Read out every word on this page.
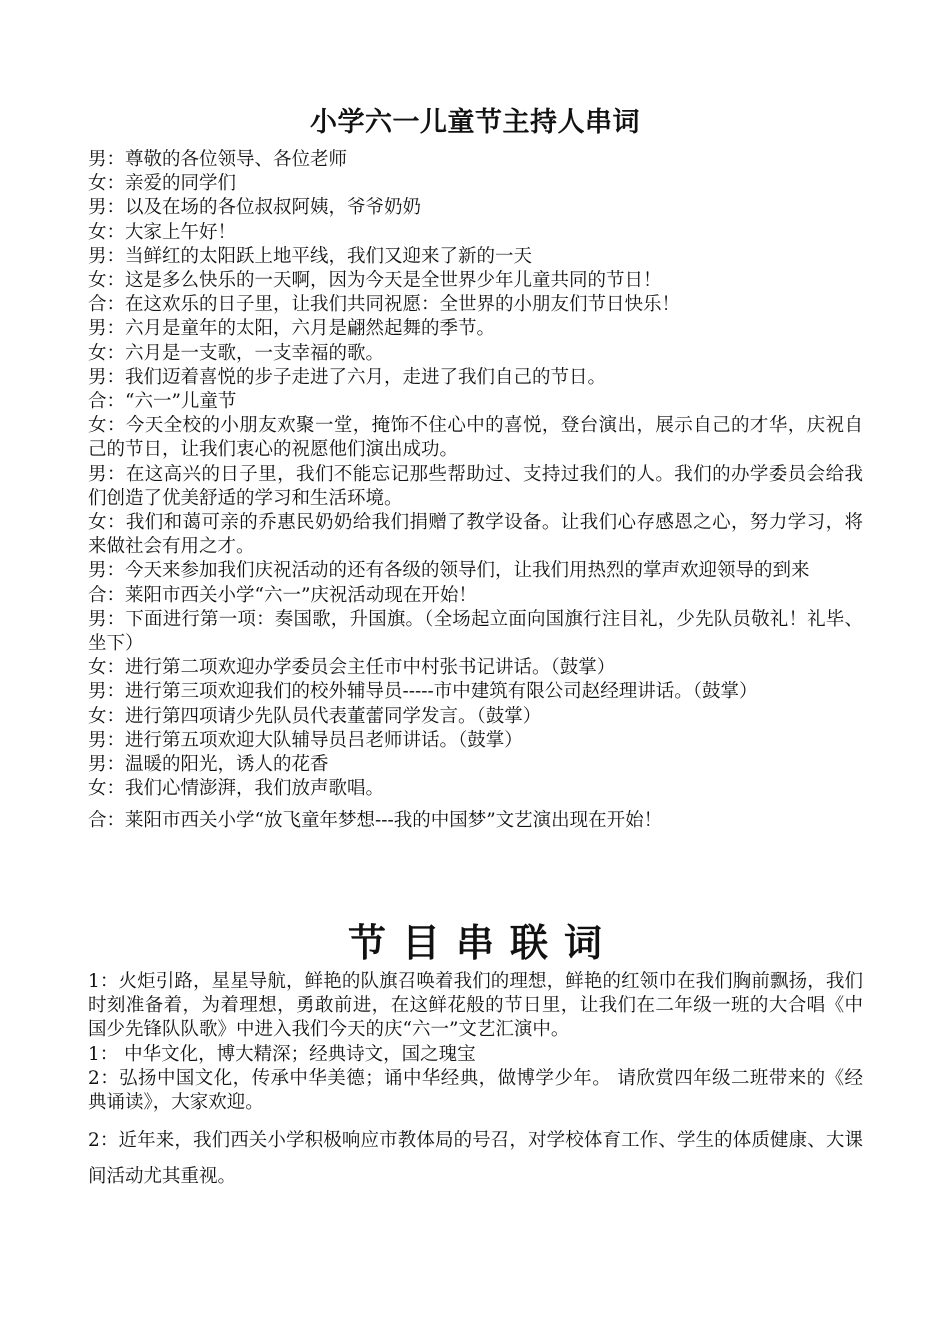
小学六一儿童节主持人串词
男：尊敬的各位领导、各位老师
女：亲爱的同学们
男：以及在场的各位叔叔阿姨，爷爷奶奶
女：大家上午好！
男：当鲜红的太阳跃上地平线，我们又迎来了新的一天
女：这是多么快乐的一天啊，因为今天是全世界少年儿童共同的节日！
合：在这欢乐的日子里，让我们共同祝愿：全世界的小朋友们节日快乐！
男：六月是童年的太阳，六月是翩然起舞的季节。
女：六月是一支歌，一支幸福的歌。
男：我们迈着喜悦的步子走进了六月，走进了我们自己的节日。
合：“六一”儿童节
女：今天全校的小朋友欢聚一堂，掩饰不住心中的喜悦，登台演出，展示自己的才华，庆祝自己的节日，让我们衷心的祝愿他们演出成功。
男：在这高兴的日子里，我们不能忘记那些帮助过、支持过我们的人。我们的办学委员会给我们创造了优美舒适的学习和生活环境。
女：我们和蔼可亲的乔惠民奶奶给我们捐赠了教学设备。让我们心存感恩之心，努力学习，将来做社会有用之才。
男：今天来参加我们庆祝活动的还有各级的领导们，让我们用热烈的掌声欢迎领导的到来
合：莱阳市西关小学“六一”庆祝活动现在开始！
男：下面进行第一项：奏国歌，升国旗。（全场起立面向国旗行注目礼，少先队员敬礼！礼毕、坐下）
女：进行第二项欢迎办学委员会主任市中村张书记讲话。（鼓掌）
男：进行第三项欢迎我们的校外辅导员-----市中建筑有限公司赵经理讲话。（鼓掌）
女：进行第四项请少先队员代表董蕾同学发言。（鼓掌）
男：进行第五项欢迎大队辅导员吕老师讲话。（鼓掌）
男：温暖的阳光，诱人的花香
女：我们心情澎湃，我们放声歌唱。
合：莱阳市西关小学“放飞童年梦想---我的中国梦”文艺演出现在开始！
节目串联词
1：火炬引路，星星导航，鲜艳的队旗召唤着我们的理想，鲜艳的红领巾在我们胸前飘扬，我们时刻准备着，为着理想，勇敢前进，在这鲜花般的节日里，让我们在二年级一班的大合唱《中国少先锋队队歌》中进入我们今天的庆“六一”文艺汇演中。
1： 中华文化，博大精深；经典诗文，国之瑰宝
2：弘扬中国文化，传承中华美德；诵中华经典，做博学少年。 请欣赏四年级二班带来的《经典诵读》，大家欢迎。
2：近年来，我们西关小学积极响应市教体局的号召，对学校体育工作、学生的体质健康、大课间活动尤其重视。
